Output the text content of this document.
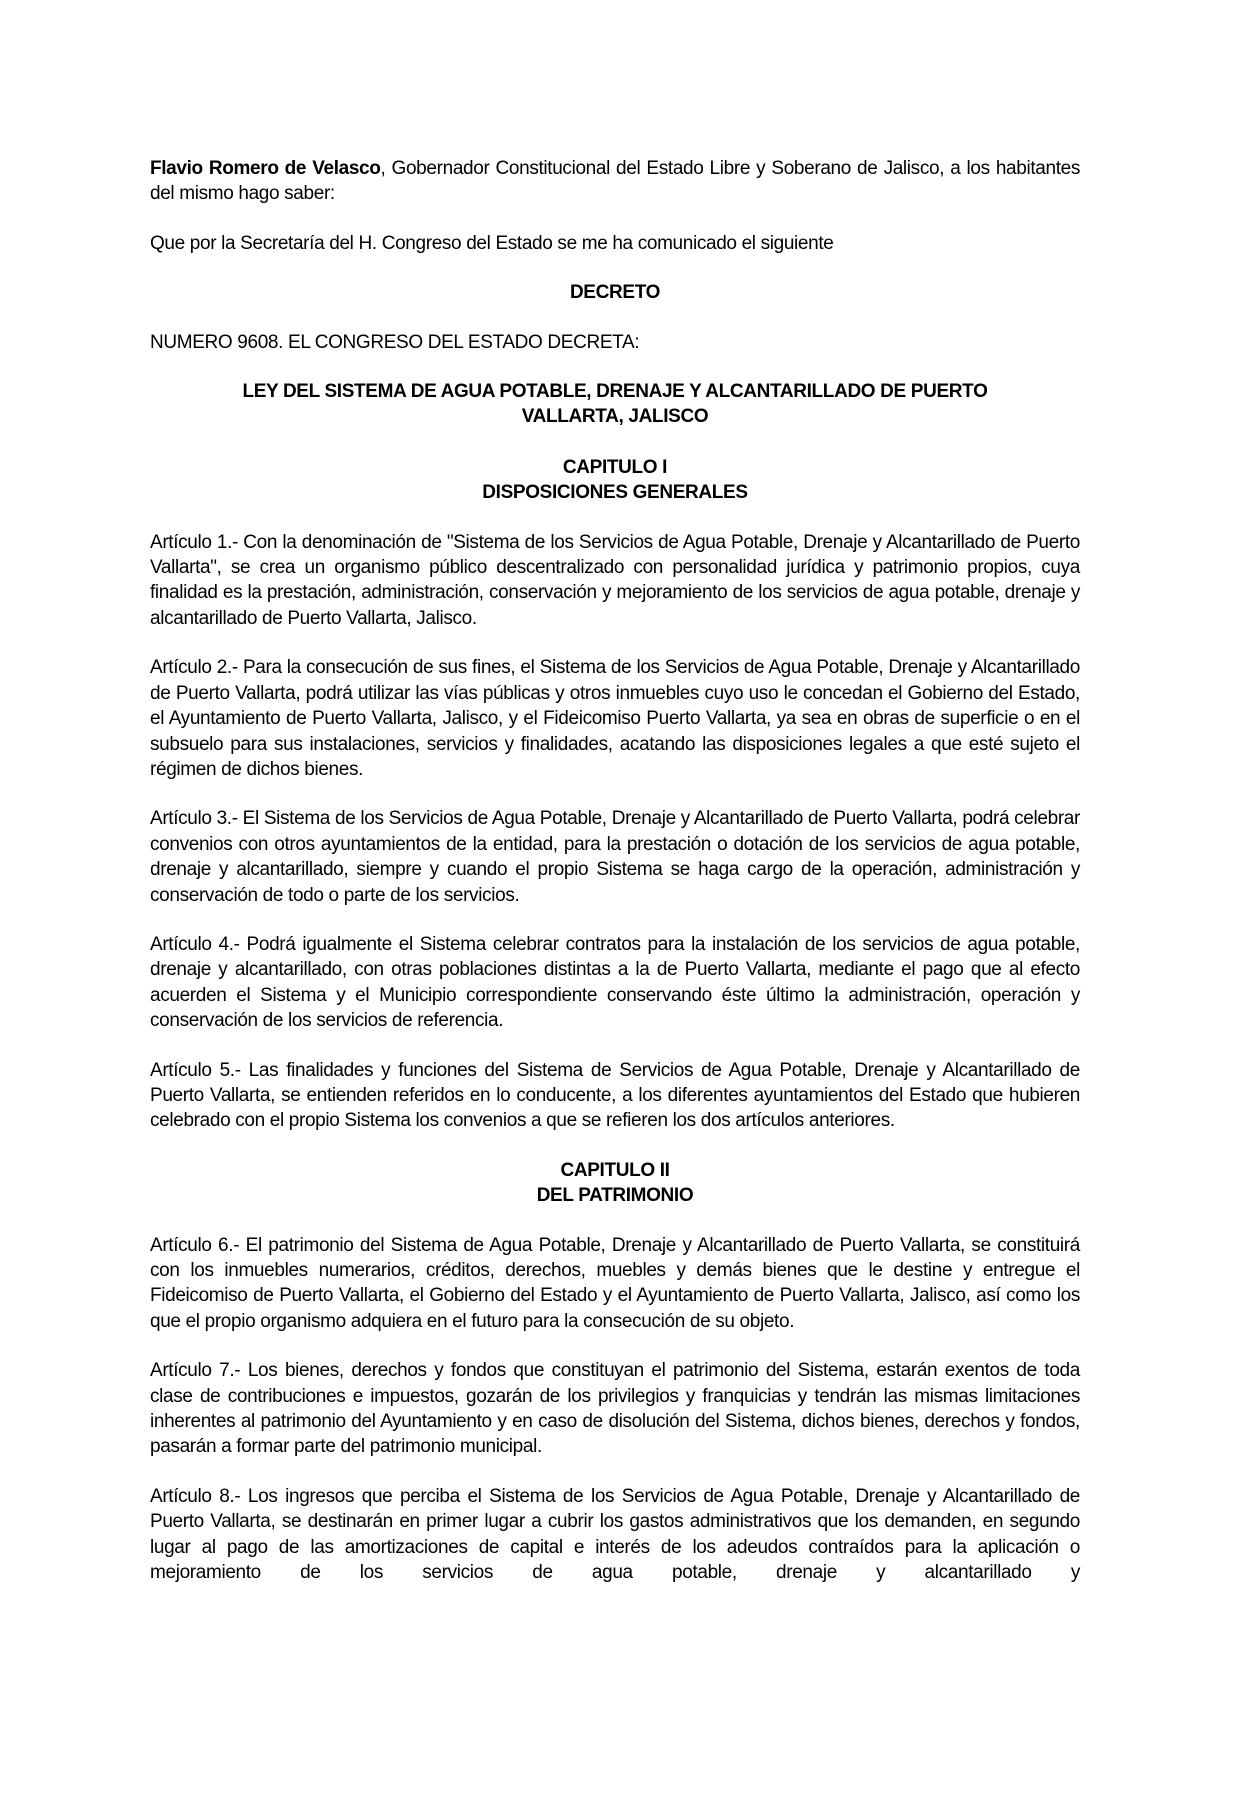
Flavio Romero de Velasco, Gobernador Constitucional del Estado Libre y Soberano de Jalisco, a los habitantes del mismo hago saber:

Que por la Secretaría del H. Congreso del Estado se me ha comunicado el siguiente

DECRETO

NUMERO 9608. EL CONGRESO DEL ESTADO DECRETA:

LEY DEL SISTEMA DE AGUA POTABLE, DRENAJE Y ALCANTARILLADO DE PUERTO
VALLARTA, JALISCO

CAPITULO I
DISPOSICIONES GENERALES

Artículo 1.- Con la denominación de "Sistema de los Servicios de Agua Potable, Drenaje y Alcantarillado de Puerto Vallarta", se crea un organismo público descentralizado con personalidad jurídica y patrimonio propios, cuya finalidad es la prestación, administración, conservación y mejoramiento de los servicios de agua potable, drenaje y alcantarillado de Puerto Vallarta, Jalisco.

Artículo 2.- Para la consecución de sus fines, el Sistema de los Servicios de Agua Potable, Drenaje y Alcantarillado de Puerto Vallarta, podrá utilizar las vías públicas y otros inmuebles cuyo uso le concedan el Gobierno del Estado, el Ayuntamiento de Puerto Vallarta, Jalisco, y el Fideicomiso Puerto Vallarta, ya sea en obras de superficie o en el subsuelo para sus instalaciones, servicios y finalidades, acatando las disposiciones legales a que esté sujeto el régimen de dichos bienes.

Artículo 3.- El Sistema de los Servicios de Agua Potable, Drenaje y Alcantarillado de Puerto Vallarta, podrá celebrar convenios con otros ayuntamientos de la entidad, para la prestación o dotación de los servicios de agua potable, drenaje y alcantarillado, siempre y cuando el propio Sistema se haga cargo de la operación, administración y conservación de todo o parte de los servicios.

Artículo 4.- Podrá igualmente el Sistema celebrar contratos para la instalación de los servicios de agua potable, drenaje y alcantarillado, con otras poblaciones distintas a la de Puerto Vallarta, mediante el pago que al efecto acuerden el Sistema y el Municipio correspondiente conservando éste último la administración, operación y conservación de los servicios de referencia.

Artículo 5.- Las finalidades y funciones del Sistema de Servicios de Agua Potable, Drenaje y Alcantarillado de Puerto Vallarta, se entienden referidos en lo conducente, a los diferentes ayuntamientos del Estado que hubieren celebrado con el propio Sistema los convenios a que se refieren los dos artículos anteriores.

CAPITULO II
DEL PATRIMONIO

Artículo 6.- El patrimonio del Sistema de Agua Potable, Drenaje y Alcantarillado de Puerto Vallarta, se constituirá con los inmuebles numerarios, créditos, derechos, muebles y demás bienes que le destine y entregue el Fideicomiso de Puerto Vallarta, el Gobierno del Estado y el Ayuntamiento de Puerto Vallarta, Jalisco, así como los que el propio organismo adquiera en el futuro para la consecución de su objeto.

Artículo 7.- Los bienes, derechos y fondos que constituyan el patrimonio del Sistema, estarán exentos de toda clase de contribuciones e impuestos, gozarán de los privilegios y franquicias y tendrán las mismas limitaciones inherentes al patrimonio del Ayuntamiento y en caso de disolución del Sistema, dichos bienes, derechos y fondos, pasarán a formar parte del patrimonio municipal.

Artículo 8.- Los ingresos que perciba el Sistema de los Servicios de Agua Potable, Drenaje y Alcantarillado de Puerto Vallarta, se destinarán en primer lugar a cubrir los gastos administrativos que los demanden, en segundo lugar al pago de las amortizaciones de capital e interés de los adeudos contraídos para la aplicación o mejoramiento de los servicios de agua potable, drenaje y alcantarillado y
